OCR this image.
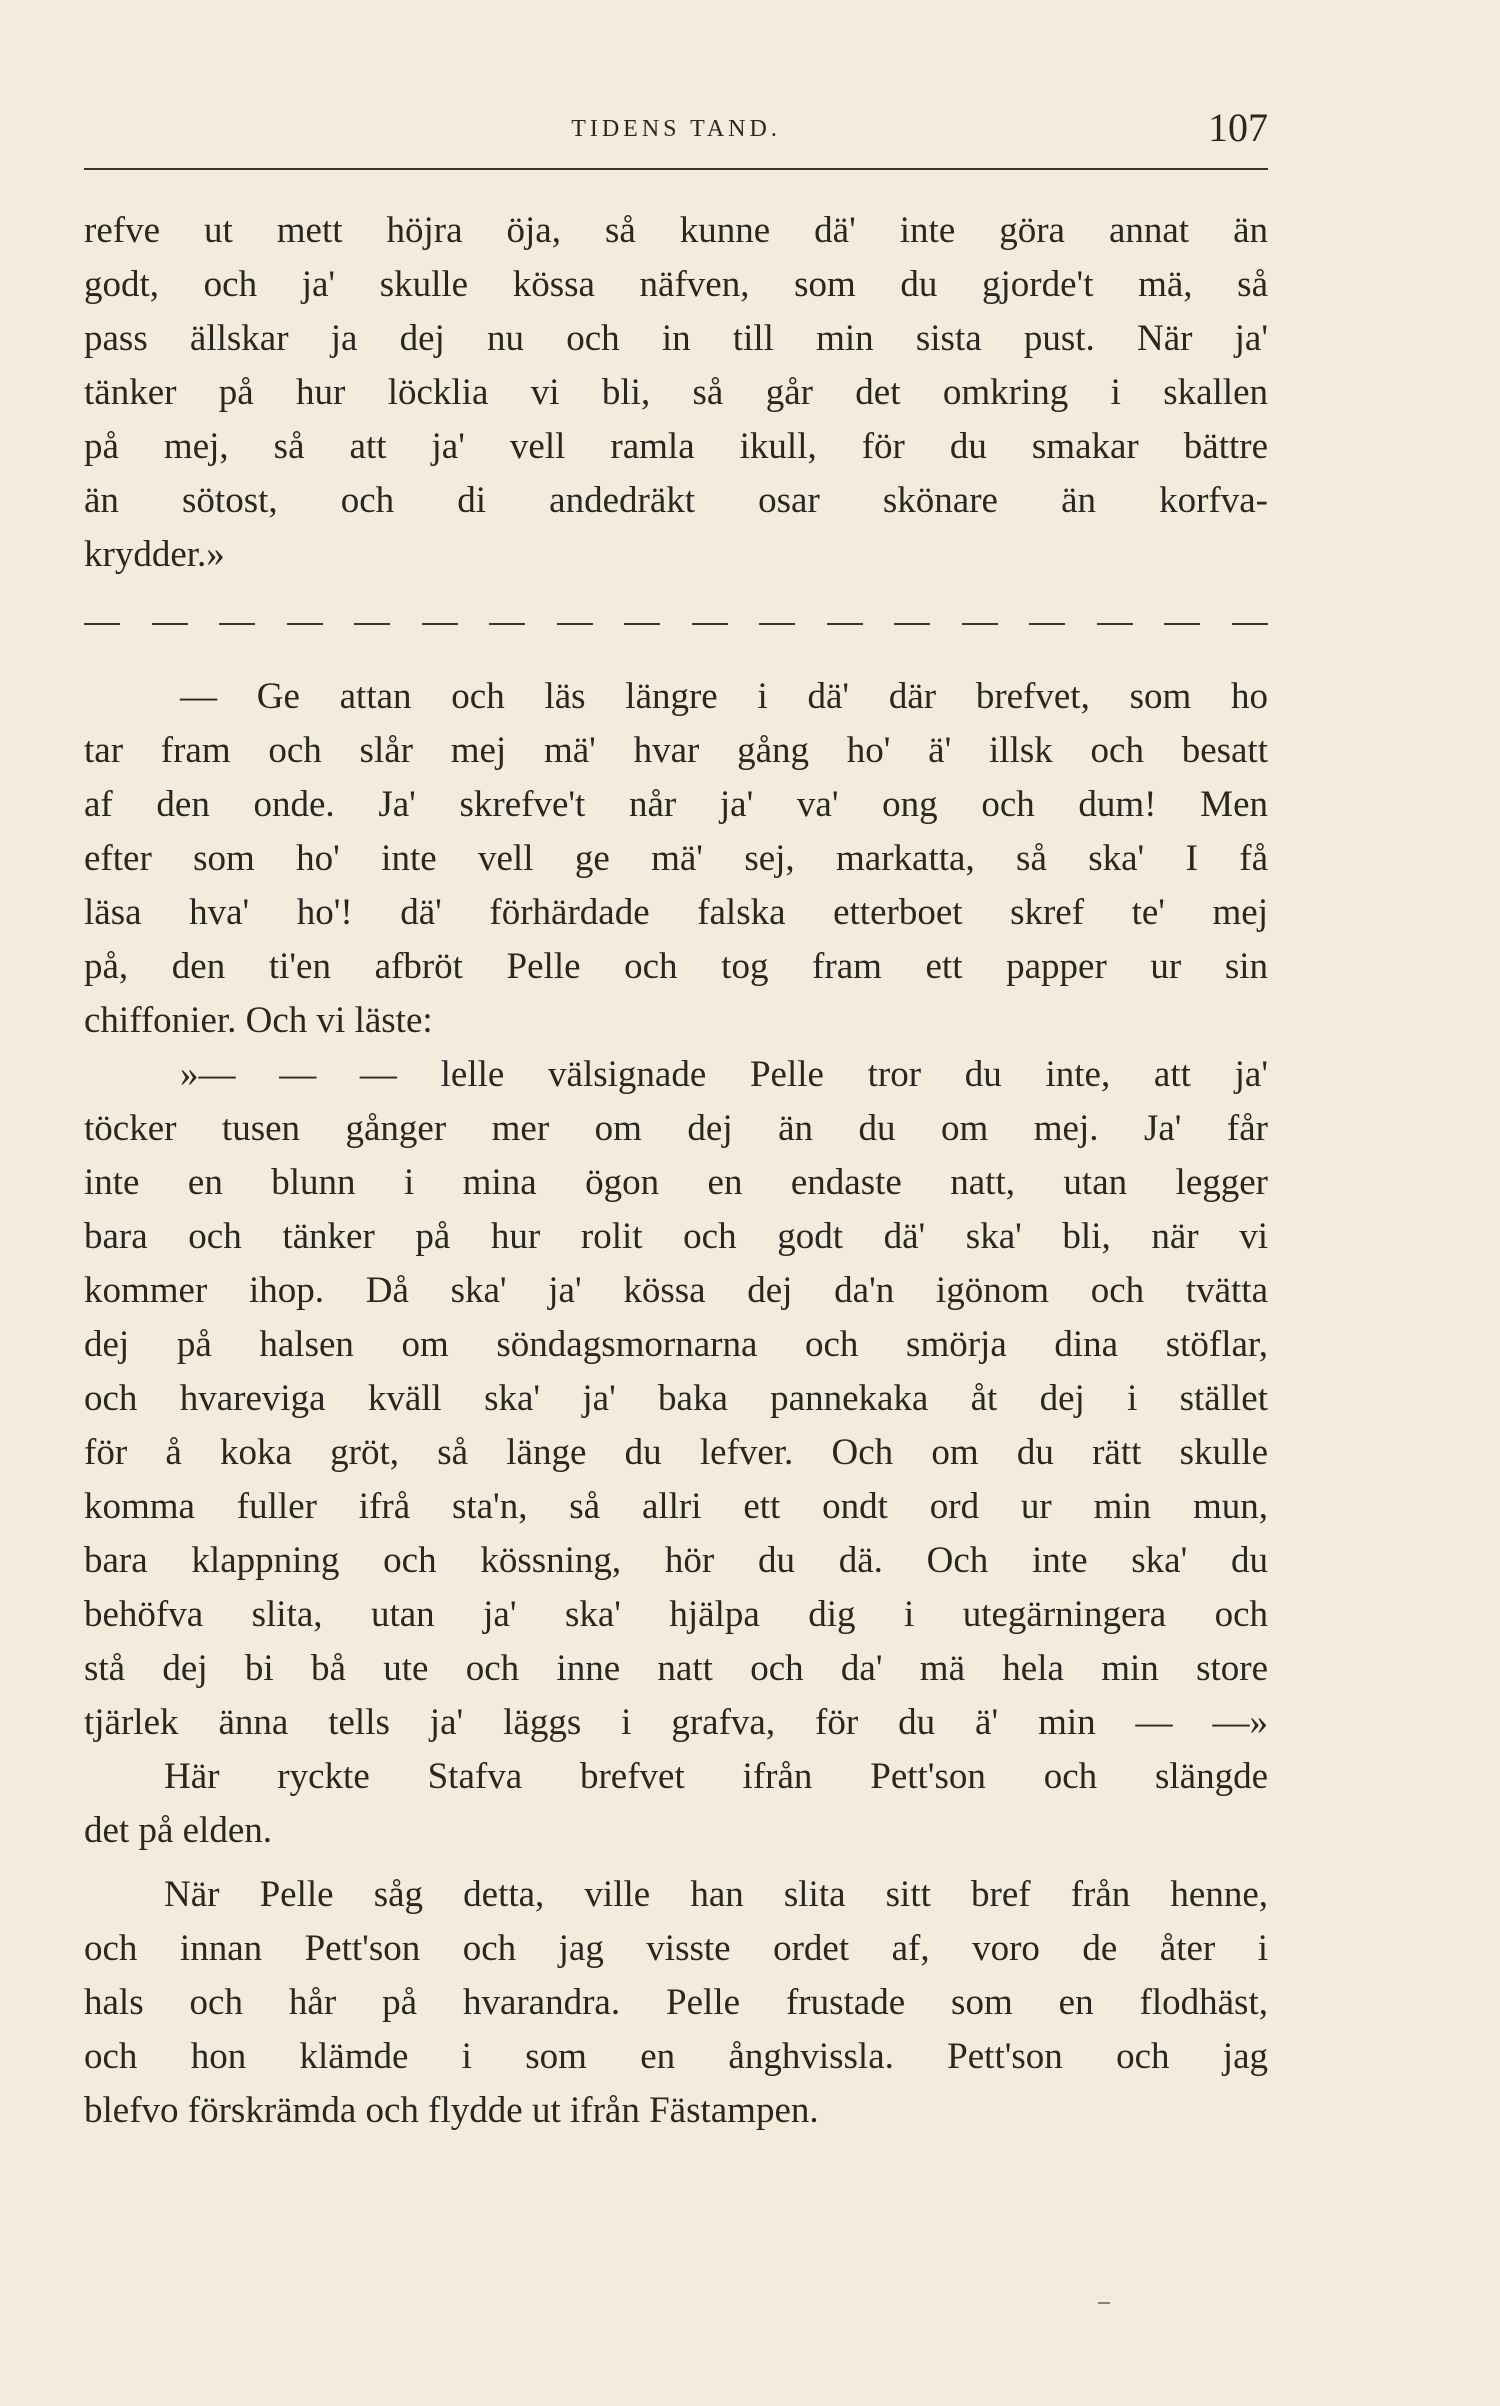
TIDENS TAND.	107
refve ut mett höjra öja, så kunne dä' inte göra annat än
godt, och ja' skulle kössa näfven, som du gjorde't mä, så
pass ällskar ja dej nu och in till min sista pust. När ja'
tänker på hur löcklia vi bli, så går det omkring i skallen
på mej, så att ja' vell ramla ikull, för du smakar bättre
än sötost, och di andedräkt osar skönare än korfva-
krydder.»
— Ge attan och läs längre i dä' där brefvet, som ho
tar fram och slår mej mä' hvar gång ho' ä' illsk och besatt
af den onde. Ja' skrefve't når ja' va' ong och dum! Men
efter som ho' inte vell ge mä' sej, markatta, så ska' I få
läsa hva' ho'! dä' förhärdade falska etterboet skref te' mej
på, den ti'en afbröt Pelle och tog fram ett papper ur sin
chiffonier. Och vi läste:
»— — — lelle välsignade Pelle tror du inte, att ja'
töcker tusen gånger mer om dej än du om mej. Ja' får
inte en blunn i mina ögon en endaste natt, utan legger
bara och tänker på hur rolit och godt dä' ska' bli, när vi
kommer ihop. Då ska' ja' kössa dej da'n igönom och tvätta
dej på halsen om söndagsmornarna och smörja dina stöflar,
och hvareviga kväll ska' ja' baka pannekaka åt dej i stället
för å koka gröt, så länge du lefver. Och om du rätt skulle
komma fuller ifrå sta'n, så allri ett ondt ord ur min mun,
bara klappning och kössning, hör du dä. Och inte ska' du
behöfva slita, utan ja' ska' hjälpa dig i utegärningera och
stå dej bi bå ute och inne natt och da' mä hela min store
tjärlek änna tells ja' läggs i grafva, för du ä' min — —»
Här ryckte Stafva brefvet ifrån Pett'son och slängde
det på elden.
När Pelle såg detta, ville han slita sitt bref från henne,
och innan Pett'son och jag visste ordet af, voro de åter i
hals och hår på hvarandra. Pelle frustade som en flodhäst,
och hon klämde i som en ånghvissla. Pett'son och jag
blefvo förskrämda och flydde ut ifrån Fästampen.
